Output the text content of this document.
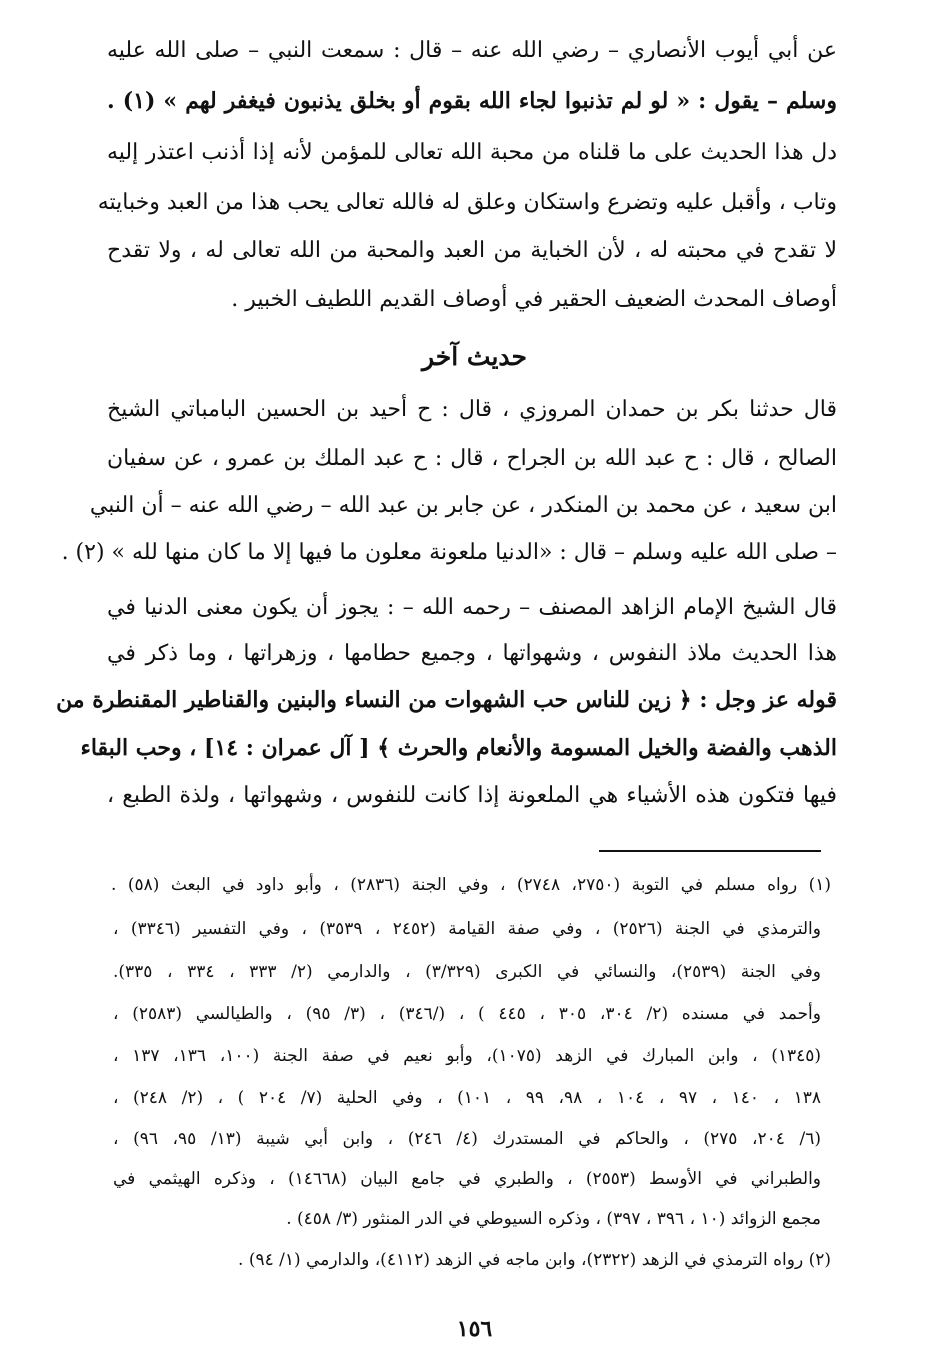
عن أبي أيوب الأنصاري – رضي الله عنه – قال : سمعت النبي – صلى الله عليه
وسلم – يقول : « لو لم تذنبوا لجاء الله بقوم أو بخلق يذنبون فيغفر لهم » (١) .
دل هذا الحديث على ما قلناه من محبة الله تعالى للمؤمن لأنه إذا أذنب اعتذر إليه
وتاب ، وأقبل عليه وتضرع واستكان وعلق له فالله تعالى يحب هذا من العبد وخبايته
لا تقدح في محبته له ، لأن الخباية من العبد والمحبة من الله تعالى له ، ولا تقدح
أوصاف المحدث الضعيف الحقير في أوصاف القديم اللطيف الخبير .
حديث آخر
قال حدثنا بكر بن حمدان المروزي ، قال : ح أحيد بن الحسين البامباتي الشيخ
الصالح ، قال : ح عبد الله بن الجراح ، قال : ح عبد الملك بن عمرو ، عن سفيان
ابن سعيد ، عن محمد بن المنكدر ، عن جابر بن عبد الله – رضي الله عنه – أن النبي
– صلى الله عليه وسلم – قال : «الدنيا ملعونة معلون ما فيها إلا ما كان منها لله » (٢) .
قال الشيخ الإمام الزاهد المصنف – رحمه الله – : يجوز أن يكون معنى الدنيا في
هذا الحديث ملاذ النفوس ، وشهواتها ، وجميع حطامها ، وزهراتها ، وما ذكر في
قوله عز وجل : ﴿ زين للناس حب الشهوات من النساء والبنين والقناطير المقنطرة من
الذهب والفضة والخيل المسومة والأنعام والحرث ﴾ [ آل عمران : ١٤] ، وحب البقاء
فيها فتكون هذه الأشياء هي الملعونة إذا كانت للنفوس ، وشهواتها ، ولذة الطبع ،
(١) رواه مسلم في التوبة (٢٧٥٠، ٢٧٤٨) ، وفي الجنة (٢٨٣٦) ، وأبو داود في البعث (٥٨) .
والترمذي في الجنة (٢٥٢٦) ، وفي صفة القيامة (٢٤٥٢ ، ٣٥٣٩) ، وفي التفسير (٣٣٤٦) ،
وفي الجنة (٢٥٣٩)، والنسائي في الكبرى (٣/٣٢٩) ، والدارمي (٢/ ٣٣٣ ، ٣٣٤ ، ٣٣٥).
وأحمد في مسنده (٢/ ٣٠٤، ٣٠٥ ، ٤٤٥ ) ، (/٣٤٦) ، (٣/ ٩٥) ، والطيالسي (٢٥٨٣) ،
(١٣٤٥) ، وابن المبارك في الزهد (١٠٧٥)، وأبو نعيم في صفة الجنة (١٠٠، ١٣٦، ١٣٧ ،
١٣٨ ، ١٤٠ ، ٩٧ ، ١٠٤ ، ٩٨، ٩٩ ، ١٠١) ، وفي الحلية (٧/ ٢٠٤ ) ، (٢/ ٢٤٨) ،
(٦/ ٢٠٤، ٢٧٥) ، والحاكم في المستدرك (٤/ ٢٤٦) ، وابن أبي شيبة (١٣/ ٩٥، ٩٦) ،
والطبراني في الأوسط (٢٥٥٣) ، والطبري في جامع البيان (١٤٦٦٨) ، وذكره الهيثمي في
مجمع الزوائد (١٠ ، ٣٩٦ ، ٣٩٧) ، وذكره السيوطي في الدر المنثور (٣/ ٤٥٨) .
(٢) رواه الترمذي في الزهد (٢٣٢٢)، وابن ماجه في الزهد (٤١١٢)، والدارمي (١/ ٩٤) .
١٥٦
